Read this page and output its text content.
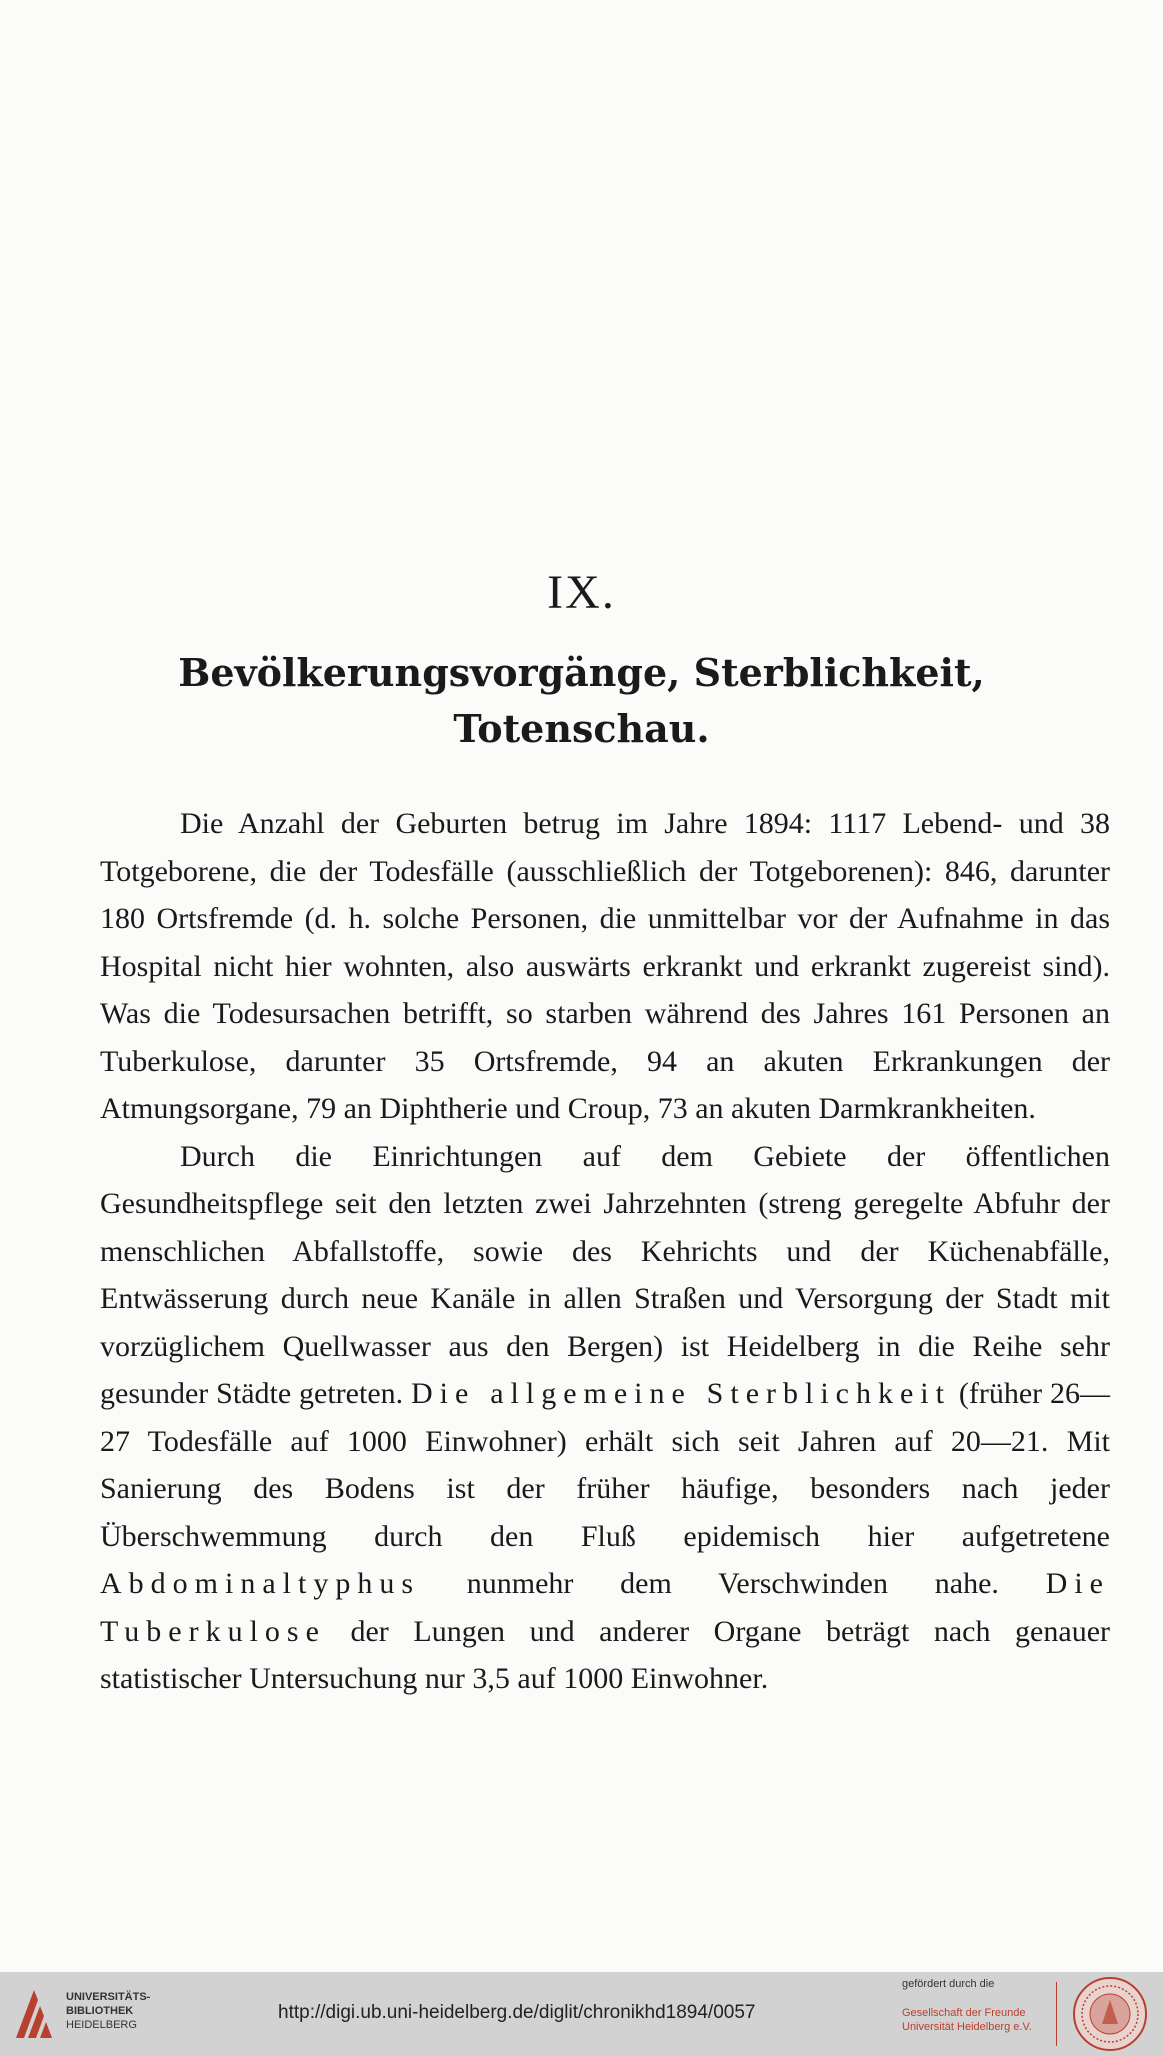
IX.
Bevölkerungsvorgänge, Sterblichkeit,
Totenschau.

Die Anzahl der Geburten betrug im Jahre 1894: 1117 Lebend- und 38 Totgeborene, die der Todesfälle (ausschließlich der Totgeborenen): 846, darunter 180 Ortsfremde (d. h. solche Personen, die unmittelbar vor der Aufnahme in das Hospital nicht hier wohnten, also auswärts erkrankt und erkrankt zugereist sind). Was die Todesursachen betrifft, so starben während des Jahres 161 Personen an Tuberkulose, darunter 35 Ortsfremde, 94 an akuten Erkrankungen der Atmungsorgane, 79 an Diphtherie und Croup, 73 an akuten Darmkrankheiten.

Durch die Einrichtungen auf dem Gebiete der öffentlichen Gesundheitspflege seit den letzten zwei Jahrzehnten (streng geregelte Abfuhr der menschlichen Abfallstoffe, sowie des Kehrichts und der Küchenabfälle, Entwässerung durch neue Kanäle in allen Straßen und Versorgung der Stadt mit vorzüglichem Quellwasser aus den Bergen) ist Heidelberg in die Reihe sehr gesunder Städte getreten. Die allgemeine Sterblichkeit (früher 26—27 Todesfälle auf 1000 Einwohner) erhält sich seit Jahren auf 20—21. Mit Sanierung des Bodens ist der früher häufige, besonders nach jeder Überschwemmung durch den Fluß epidemisch hier aufgetretene Abdominaltyphus nunmehr dem Verschwinden nahe. Die Tuberkulose der Lungen und anderer Organe beträgt nach genauer statistischer Untersuchung nur 3,5 auf 1000 Einwohner.

UNIVERSITÄTS-
BIBLIOTHEK
HEIDELBERG
http://digi.ub.uni-heidelberg.de/diglit/chronikhd1894/0057
gefördert durch die
Gesellschaft der Freunde
Universität Heidelberg e.V.
